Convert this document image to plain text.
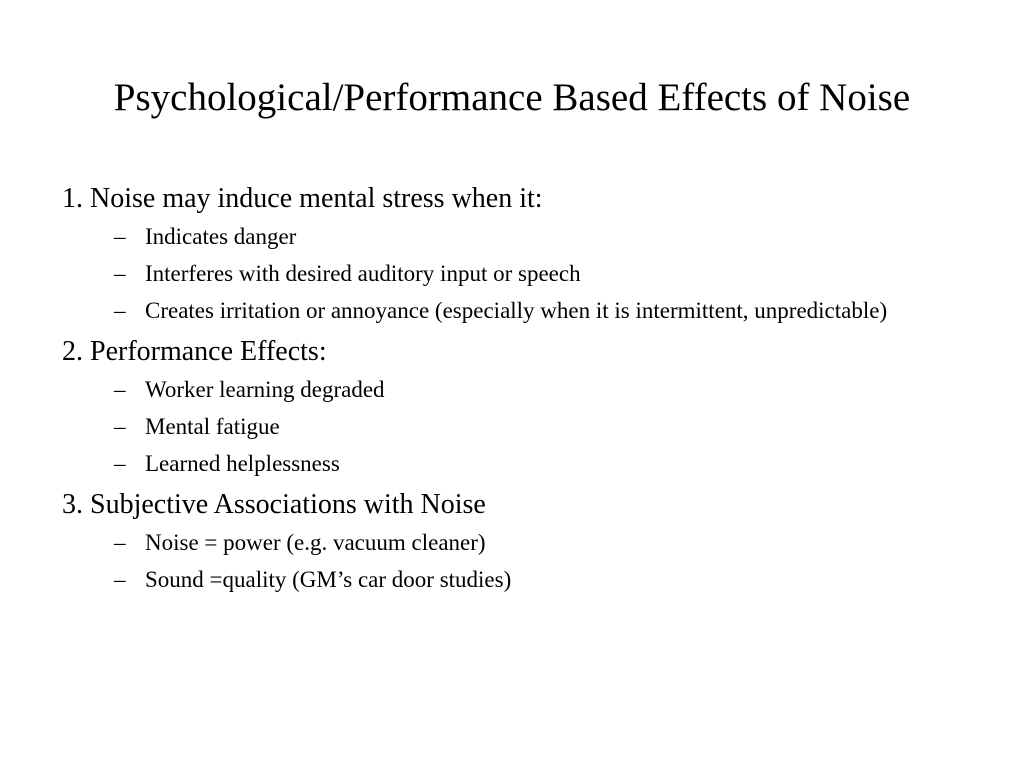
Psychological/Performance Based Effects of Noise
1. Noise may induce mental stress when it:
– Indicates danger
– Interferes with desired auditory input or speech
– Creates irritation or annoyance (especially when it is intermittent, unpredictable)
2. Performance Effects:
– Worker learning degraded
– Mental fatigue
– Learned helplessness
3. Subjective Associations with Noise
– Noise = power (e.g. vacuum cleaner)
– Sound =quality (GM’s car door studies)
